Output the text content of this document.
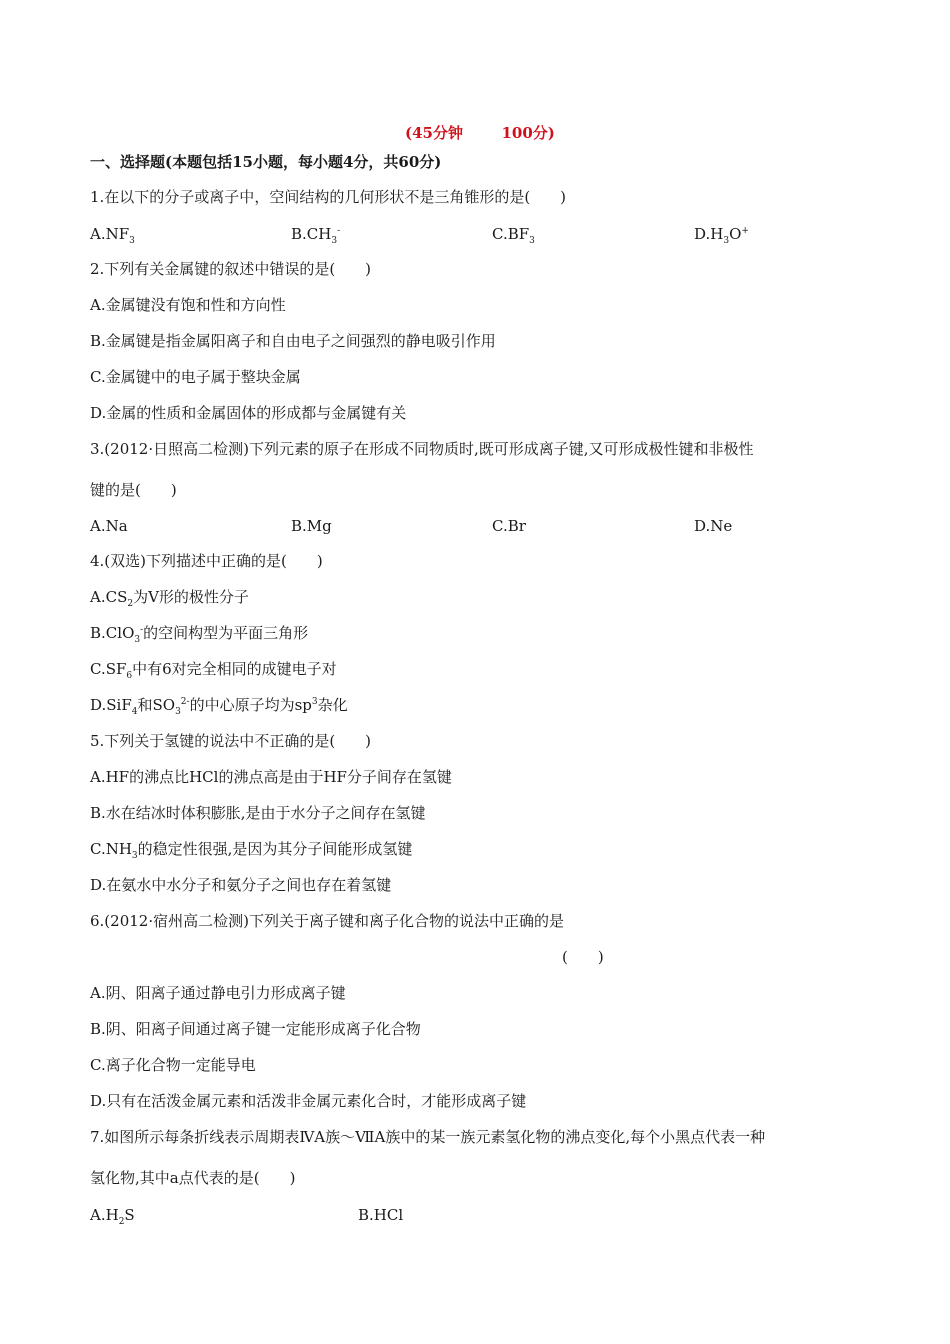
(45分钟	100分)
一、选择题(本题包括15小题，每小题4分，共60分)
1.在以下的分子或离子中，空间结构的几何形状不是三角锥形的是(　　)
$A.NF_3$	$B.CH_3^-$	$C.BF_3$	$D.H_3O^+$
2.下列有关金属键的叙述中错误的是(　　)
A.金属键没有饱和性和方向性
B.金属键是指金属阳离子和自由电子之间强烈的静电吸引作用
C.金属键中的电子属于整块金属
D.金属的性质和金属固体的形成都与金属键有关
3.(2012·日照高二检测)下列元素的原子在形成不同物质时,既可形成离子键,又可形成极性键和非极性
键的是(　　)
A.Na	B.Mg	C.Br	D.Ne
4.(双选)下列描述中正确的是(　　)
$A.CS_2$为V形的极性分子
B.ClO$_3$-的空间构型为平面三角形
$C.SF_6$中有6对完全相同的成键电子对
D.SiF$_4$和$SO_3^{2-}$的中心原子均为$sp^3$杂化
5.下列关于氢键的说法中不正确的是(　　)
A.HF的沸点比HCl的沸点高是由于HF分子间存在氢键
B.水在结冰时体积膨胀,是由于水分子之间存在氢键
$C.NH_3$的稳定性很强,是因为其分子间能形成氢键
D.在氨水中水分子和氨分子之间也存在着氢键
6.(2012·宿州高二检测)下列关于离子键和离子化合物的说法中正确的是
(　　)
A.阴、阳离子通过静电引力形成离子键
B.阴、阳离子间通过离子键一定能形成离子化合物
C.离子化合物一定能导电
D.只有在活泼金属元素和活泼非金属元素化合时，才能形成离子键
7.如图所示每条折线表示周期表ⅣA族～ⅦA族中的某一族元素氢化物的沸点变化,每个小黑点代表一种
氢化物,其中a点代表的是(　　)
$A.H_2S$	B.HCl
